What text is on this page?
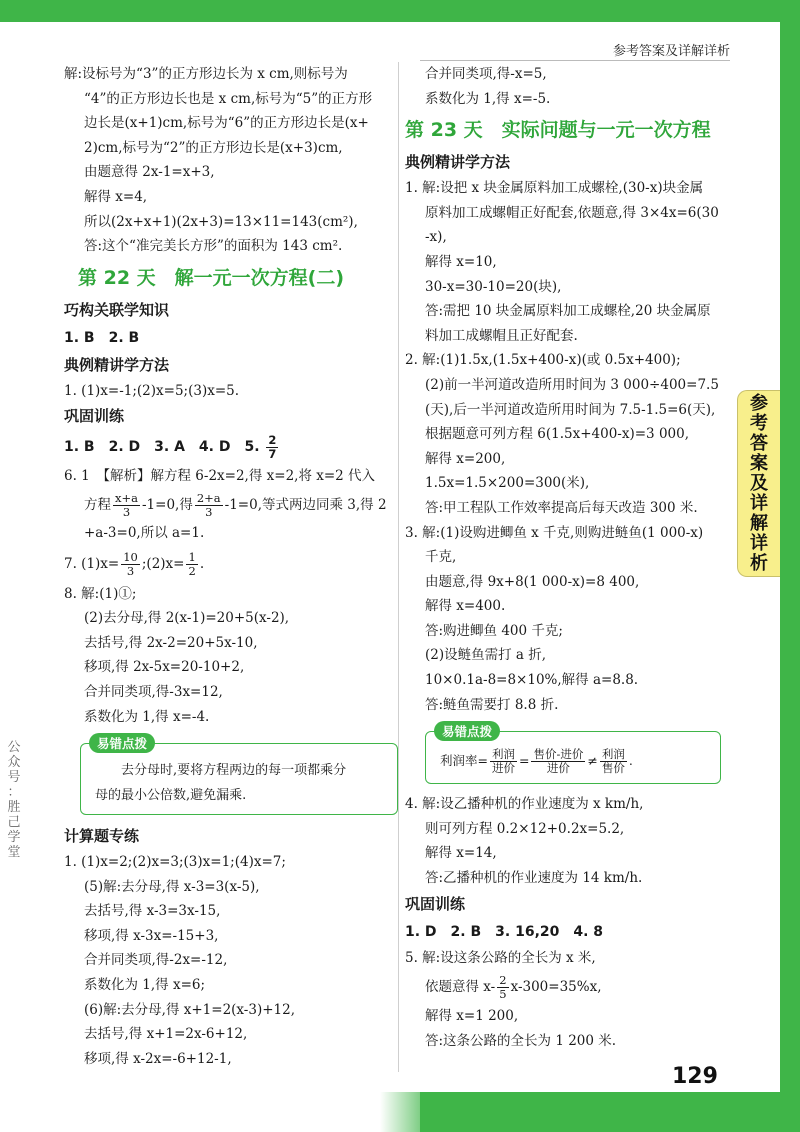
参考答案及详解详析
参
考
答
案
及
详
解
详
析
公
众
号
：
胜
己
学
堂
解:设标号为“3”的正方形边长为 x cm,则标号为
“4”的正方形边长也是 x cm,标号为“5”的正方形
边长是(x+1)cm,标号为“6”的正方形边长是(x+
2)cm,标号为“2”的正方形边长是(x+3)cm,
由题意得 2x-1=x+3,
解得 x=4,
所以(2x+x+1)(2x+3)=13×11=143(cm²),
答:这个“准完美长方形”的面积为 143 cm².
第 22 天　解一元一次方程(二)
巧构关联学知识
1. B　2. B
典例精讲学方法
1. (1)x=-1;(2)x=5;(3)x=5.
巩固训练
1. B　2. D　3. A　4. D　5. $\frac{2}{7}$
6. 1　【解析】解方程 6-2x=2,得 x=2,将 x=2 代入
方程 $\frac{x+a}{3} -1=0$,得 $\frac{2+a}{3} -1=0$,等式两边同乘 3,得 2
+a-3=0,所以 a=1.
7. $(1)x= \frac{10}{3}$ ;(2)x= $\frac{1}{2}$ .
8. 解:(1)①;
(2)去分母,得 2(x-1)=20+5(x-2),
去括号,得 2x-2=20+5x-10,
移项,得 2x-5x=20-10+2,
合并同类项,得-3x=12,
系数化为 1,得 x=-4.
易错点拨

去分母时,要将方程两边的每一项都乘分

母的最小公倍数,避免漏乘.

计算题专练
1. (1)x=2;(2)x=3;(3)x=1;(4)x=7;
(5)解:去分母,得 x-3=3(x-5),
去括号,得 x-3=3x-15,
移项,得 x-3x=-15+3,
合并同类项,得-2x=-12,
系数化为 1,得 x=6;
(6)解:去分母,得 x+1=2(x-3)+12,
去括号,得 x+1=2x-6+12,
移项,得 x-2x=-6+12-1,
合并同类项,得-x=5,
系数化为 1,得 x=-5.
第 23 天　实际问题与一元一次方程
典例精讲学方法
1. 解:设把 x 块金属原料加工成螺栓,(30-x)块金属
原料加工成螺帽正好配套,依题意,得 3×4x=6(30
-x),
解得 x=10,
30-x=30-10=20(块),
答:需把 10 块金属原料加工成螺栓,20 块金属原
料加工成螺帽且正好配套.
2. 解:(1)1.5x,(1.5x+400-x)(或 0.5x+400);
(2)前一半河道改造所用时间为 3 000÷400=7.5
(天),后一半河道改造所用时间为 7.5-1.5=6(天),
根据题意可列方程 6(1.5x+400-x)=3 000,
解得 x=200,
1.5x=1.5×200=300(米),
答:甲工程队工作效率提高后每天改造 300 米.
3. 解:(1)设购进鲫鱼 x 千克,则购进鲢鱼(1 000-x)
千克,
由题意,得 9x+8(1 000-x)=8 400,
解得 x=400.
答:购进鲫鱼 400 千克;
(2)设鲢鱼需打 a 折,
10×0.1a-8=8×10%,解得 a=8.8.
答:鲢鱼需要打 8.8 折.
易错点拨
利润率= $\frac{\text{利润}}{\text{进价}} = \frac{\text{售价-进价}}{\text{进价}} \ne \frac{\text{利润}}{\text{售价}}$ .
4. 解:设乙播种机的作业速度为 x km/h,
则可列方程 0.2×12+0.2x=5.2,
解得 x=14,
答:乙播种机的作业速度为 14 km/h.
巩固训练
1. D　2. B　3. 16,20　4. 8
5. 解:设这条公路的全长为 x 米,
依题意得 $x- \frac{2}{5} x-300=35\%x$,
解得 x=1 200,
答:这条公路的全长为 1 200 米.
129
